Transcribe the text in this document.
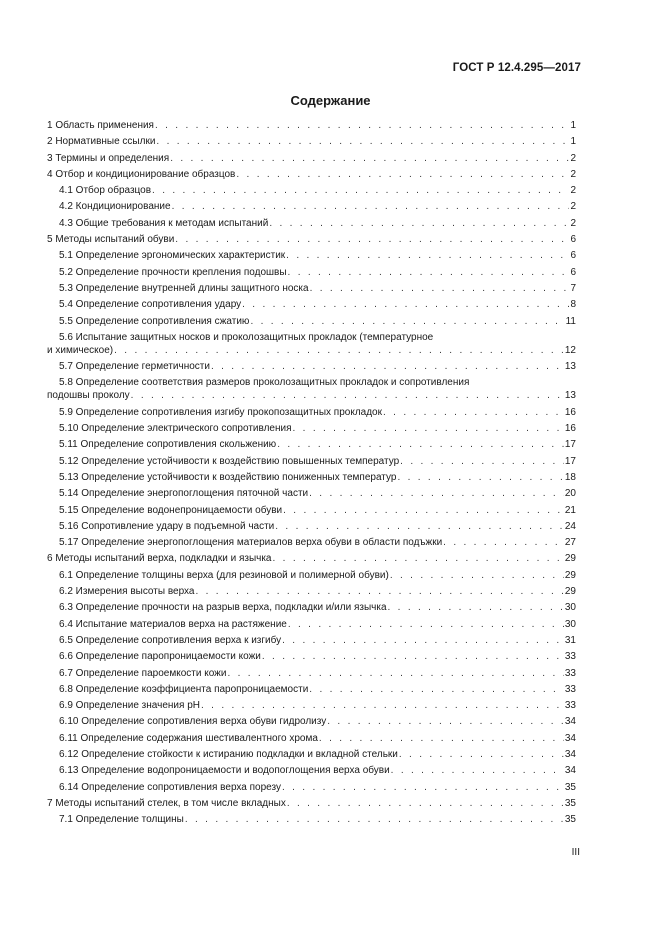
ГОСТ Р 12.4.295—2017
Содержание
1 Область применения . . .	1
2 Нормативные ссылки . . .	1
3 Термины и определения . . .	2
4 Отбор и кондиционирование образцов . . .	2
4.1 Отбор образцов . . .	2
4.2 Кондиционирование . . .	2
4.3 Общие требования к методам испытаний . . .	2
5 Методы испытаний обуви . . .	6
5.1 Определение эргономических характеристик . . .	6
5.2 Определение прочности крепления подошвы . . .	6
5.3 Определение внутренней длины защитного носка . . .	7
5.4 Определение сопротивления удару . . .	8
5.5 Определение сопротивления сжатию . . .	11
5.6 Испытание защитных носков и проколозащитных прокладок (температурное
и химическое) . . .	12
5.7 Определение герметичности . . .	13
5.8 Определение соответствия размеров проколозащитных прокладок и сопротивления
подошвы проколу . . .	13
5.9 Определение сопротивления изгибу прокопозащитных прокладок . . .	16
5.10 Определение электрического сопротивления . . .	16
5.11 Определение сопротивления скольжению . . .	17
5.12 Определение устойчивости к воздействию повышенных температур . . .	17
5.13 Определение устойчивости к воздействию пониженных температур . . .	18
5.14 Определение энергопоглощения пяточной части . . .	20
5.15 Определение водонепроницаемости обуви . . .	21
5.16 Сопротивление удару в подъемной части . . .	24
5.17 Определение энергопоглощения материалов верха обуви в области подъжки . . .	27
6 Методы испытаний верха, подкладки и язычка . . .	29
6.1 Определение толщины верха (для резиновой и полимерной обуви) . . .	29
6.2 Измерения высоты верха . . .	29
6.3 Определение прочности на разрыв верха, подкладки и/или язычка . . .	30
6.4 Испытание материалов верха на растяжение . . .	30
6.5 Определение сопротивления верха к изгибу . . .	31
6.6 Определение паропроницаемости кожи . . .	33
6.7 Определение пароемкости кожи . . .	33
6.8 Определение коэффициента паропроницаемости . . .	33
6.9 Определение значения pH . . .	33
6.10 Определение сопротивления верха обуви гидролизу . . .	34
6.11 Определение содержания шестивалентного хрома . . .	34
6.12 Определение стойкости к истиранию подкладки и вкладной стельки . . .	34
6.13 Определение водопроницаемости и водопоглощения верха обуви . . .	34
6.14 Определение сопротивления верха порезу . . .	35
7 Методы испытаний стелек, в том числе вкладных . . .	35
7.1 Определение толщины . . .	35
III
